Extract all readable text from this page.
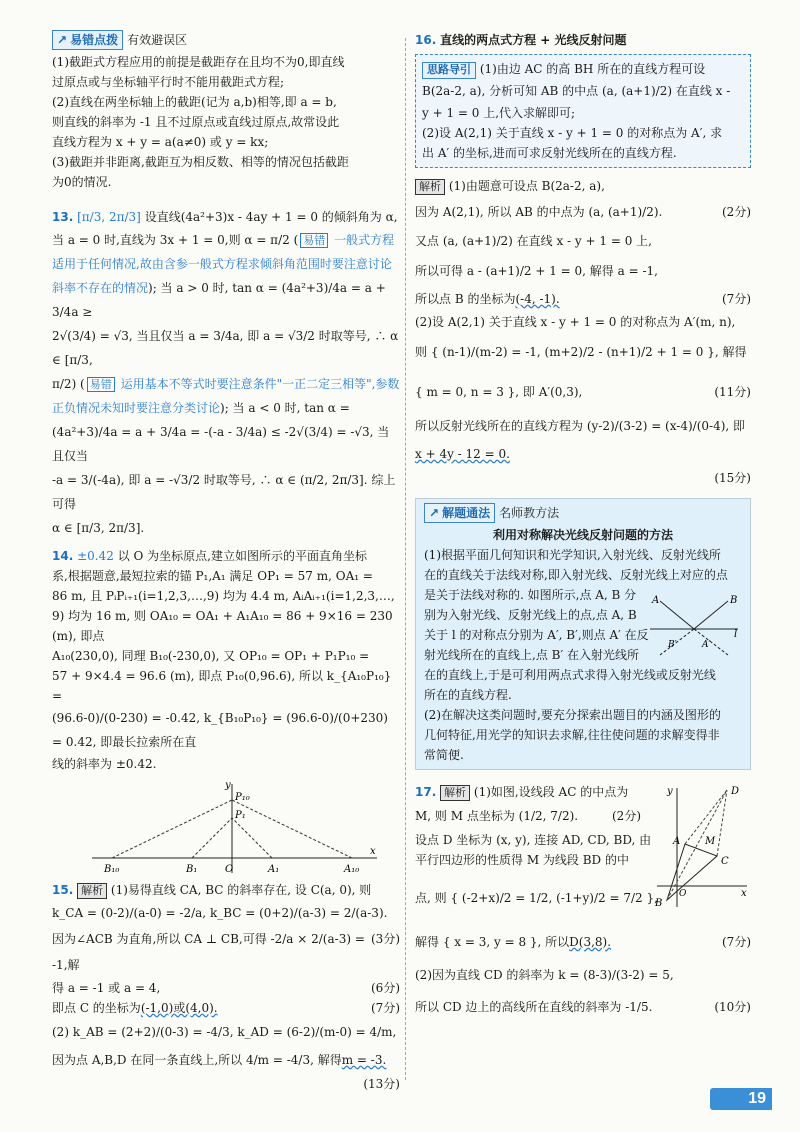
↗ 易错点拨 有效避误区

(1)截距式方程应用的前提是截距存在且均不为0,即直线

过原点或与坐标轴平行时不能用截距式方程;

(2)直线在两坐标轴上的截距(记为 a,b)相等,即 a = b,

则直线的斜率为 -1 且不过原点或直线过原点,故常设此

直线方程为 x + y = a(a≠0) 或 y = kx;

(3)截距并非距离,截距互为相反数、相等的情况包括截距

为0的情况.

13. [π/3, 2π/3] 设直线(4a²+3)x - 4ay + 1 = 0 的倾斜角为 α,

当 a = 0 时,直线为 3x + 1 = 0,则 α = π/2 ( 易错 一般式方程适用于任何情况,故由含参一般式方程求倾斜角范围时要注意讨论斜率不存在的情况); 当 a > 0 时, tan α = (4a²+3)/4a = a + 3/4a ≥

2√(3/4) = √3, 当且仅当 a = 3/4a, 即 a = √3/2 时取等号, ∴ α ∈ [π/3,

π/2) ( 易错 运用基本不等式时要注意条件"一正二定三相等",参数正负情况未知时要注意分类讨论); 当 a < 0 时, tan α =

(4a²+3)/4a = a + 3/4a = -(-a - 3/4a) ≤ -2√(3/4) = -√3, 当且仅当

-a = 3/(-4a), 即 a = -√3/2 时取等号, ∴ α ∈ (π/2, 2π/3]. 综上可得

α ∈ [π/3, 2π/3].

14. ±0.42 以 O 为坐标原点,建立如图所示的平面直角坐标

系,根据题意,最短拉索的锚 P₁,A₁ 满足 OP₁ = 57 m, OA₁ =

86 m, 且 PᵢPᵢ₊₁(i=1,2,3,…,9) 均为 4.4 m, AᵢAᵢ₊₁(i=1,2,3,…,

9) 均为 16 m, 则 OA₁₀ = OA₁ + A₁A₁₀ = 86 + 9×16 = 230 (m), 即点

A₁₀(230,0), 同理 B₁₀(-230,0), 又 OP₁₀ = OP₁ + P₁P₁₀ =

57 + 9×4.4 = 96.6 (m), 即点 P₁₀(0,96.6), 所以 k_{A₁₀P₁₀} =

(96.6-0)/(0-230) = -0.42, k_{B₁₀P₁₀} = (96.6-0)/(0+230) = 0.42, 即最长拉索所在直

线的斜率为 ±0.42.

y
P₁₀
P₁
B₁₀	B₁	O	A₁	A₁₀
x

15. 解析 (1)易得直线 CA, BC 的斜率存在, 设 C(a, 0), 则

k_CA = (0-2)/(a-0) = -2/a, k_BC = (0+2)/(a-3) = 2/(a-3).
(3分)

因为∠ACB 为直角,所以 CA ⊥ CB,可得 -2/a × 2/(a-3) = -1,解

得 a = -1 或 a = 4,	(6分)

即点 C 的坐标为(-1,0)或(4,0).	(7分)

(2) k_AB = (2+2)/(0-3) = -4/3, k_AD = (6-2)/(m-0) = 4/m,

因为点 A,B,D 在同一条直线上,所以 4/m = -4/3, 解得m = -3.

(13分)

16. 直线的两点式方程 + 光线反射问题

思路导引 (1)由边 AC 的高 BH 所在的直线方程可设

B(2a-2, a), 分析可知 AB 的中点 (a, (a+1)/2) 在直线 x -

y + 1 = 0 上,代入求解即可;

(2)设 A(2,1) 关于直线 x - y + 1 = 0 的对称点为 A′, 求

出 A′ 的坐标,进而可求反射光线所在的直线方程.

解析 (1)由题意可设点 B(2a-2, a),

因为 A(2,1), 所以 AB 的中点为 (a, (a+1)/2).	(2分)

又点 (a, (a+1)/2) 在直线 x - y + 1 = 0 上,

所以可得 a - (a+1)/2 + 1 = 0, 解得 a = -1,

所以点 B 的坐标为(-4, -1).	(7分)

(2)设 A(2,1) 关于直线 x - y + 1 = 0 的对称点为 A′(m, n),

则 { (n-1)/(m-2) = -1, (m+2)/2 - (n+1)/2 + 1 = 0 }, 解得 { m = 0, n = 3 }, 即 A′(0,3),	(11分)

所以反射光线所在的直线方程为 (y-2)/(3-2) = (x-4)/(0-4), 即x + 4y - 12 = 0.

(15分)

↗ 解题通法 名师教方法

利用对称解决光线反射问题的方法

(1)根据平面几何知识和光学知识,入射光线、反射光线所

在的直线关于法线对称,即入射光线、反射光线上对应的点

A	B
A′
B′
l

是关于法线对称的. 如图所示,点 A, B 分

别为入射光线、反射光线上的点,点 A, B

关于 l 的对称点分别为 A′, B′,则点 A′ 在反

射光线所在的直线上,点 B′ 在入射光线所

在的直线上,于是可利用两点式求得入射光线或反射光线

所在的直线方程.

(2)在解决这类问题时,要充分探索出题目的内涵及图形的

几何特征,用光学的知识去求解,往往使问题的求解变得非

常简便.

y	D
A M
C
O
B
x

17. 解析 (1)如图,设线段 AC 的中点为

M, 则 M 点坐标为 (1/2, 7/2).	(2分)

设点 D 坐标为 (x, y), 连接 AD, CD, BD, 由

平行四边形的性质得 M 为线段 BD 的中

点, 则 { (-2+x)/2 = 1/2, (-1+y)/2 = 7/2 },

解得 { x = 3, y = 8 }, 所以D(3,8).	(7分)

(2)因为直线 CD 的斜率为 k = (8-3)/(3-2) = 5,

所以 CD 边上的高线所在直线的斜率为 -1/5.	(10分)

19
